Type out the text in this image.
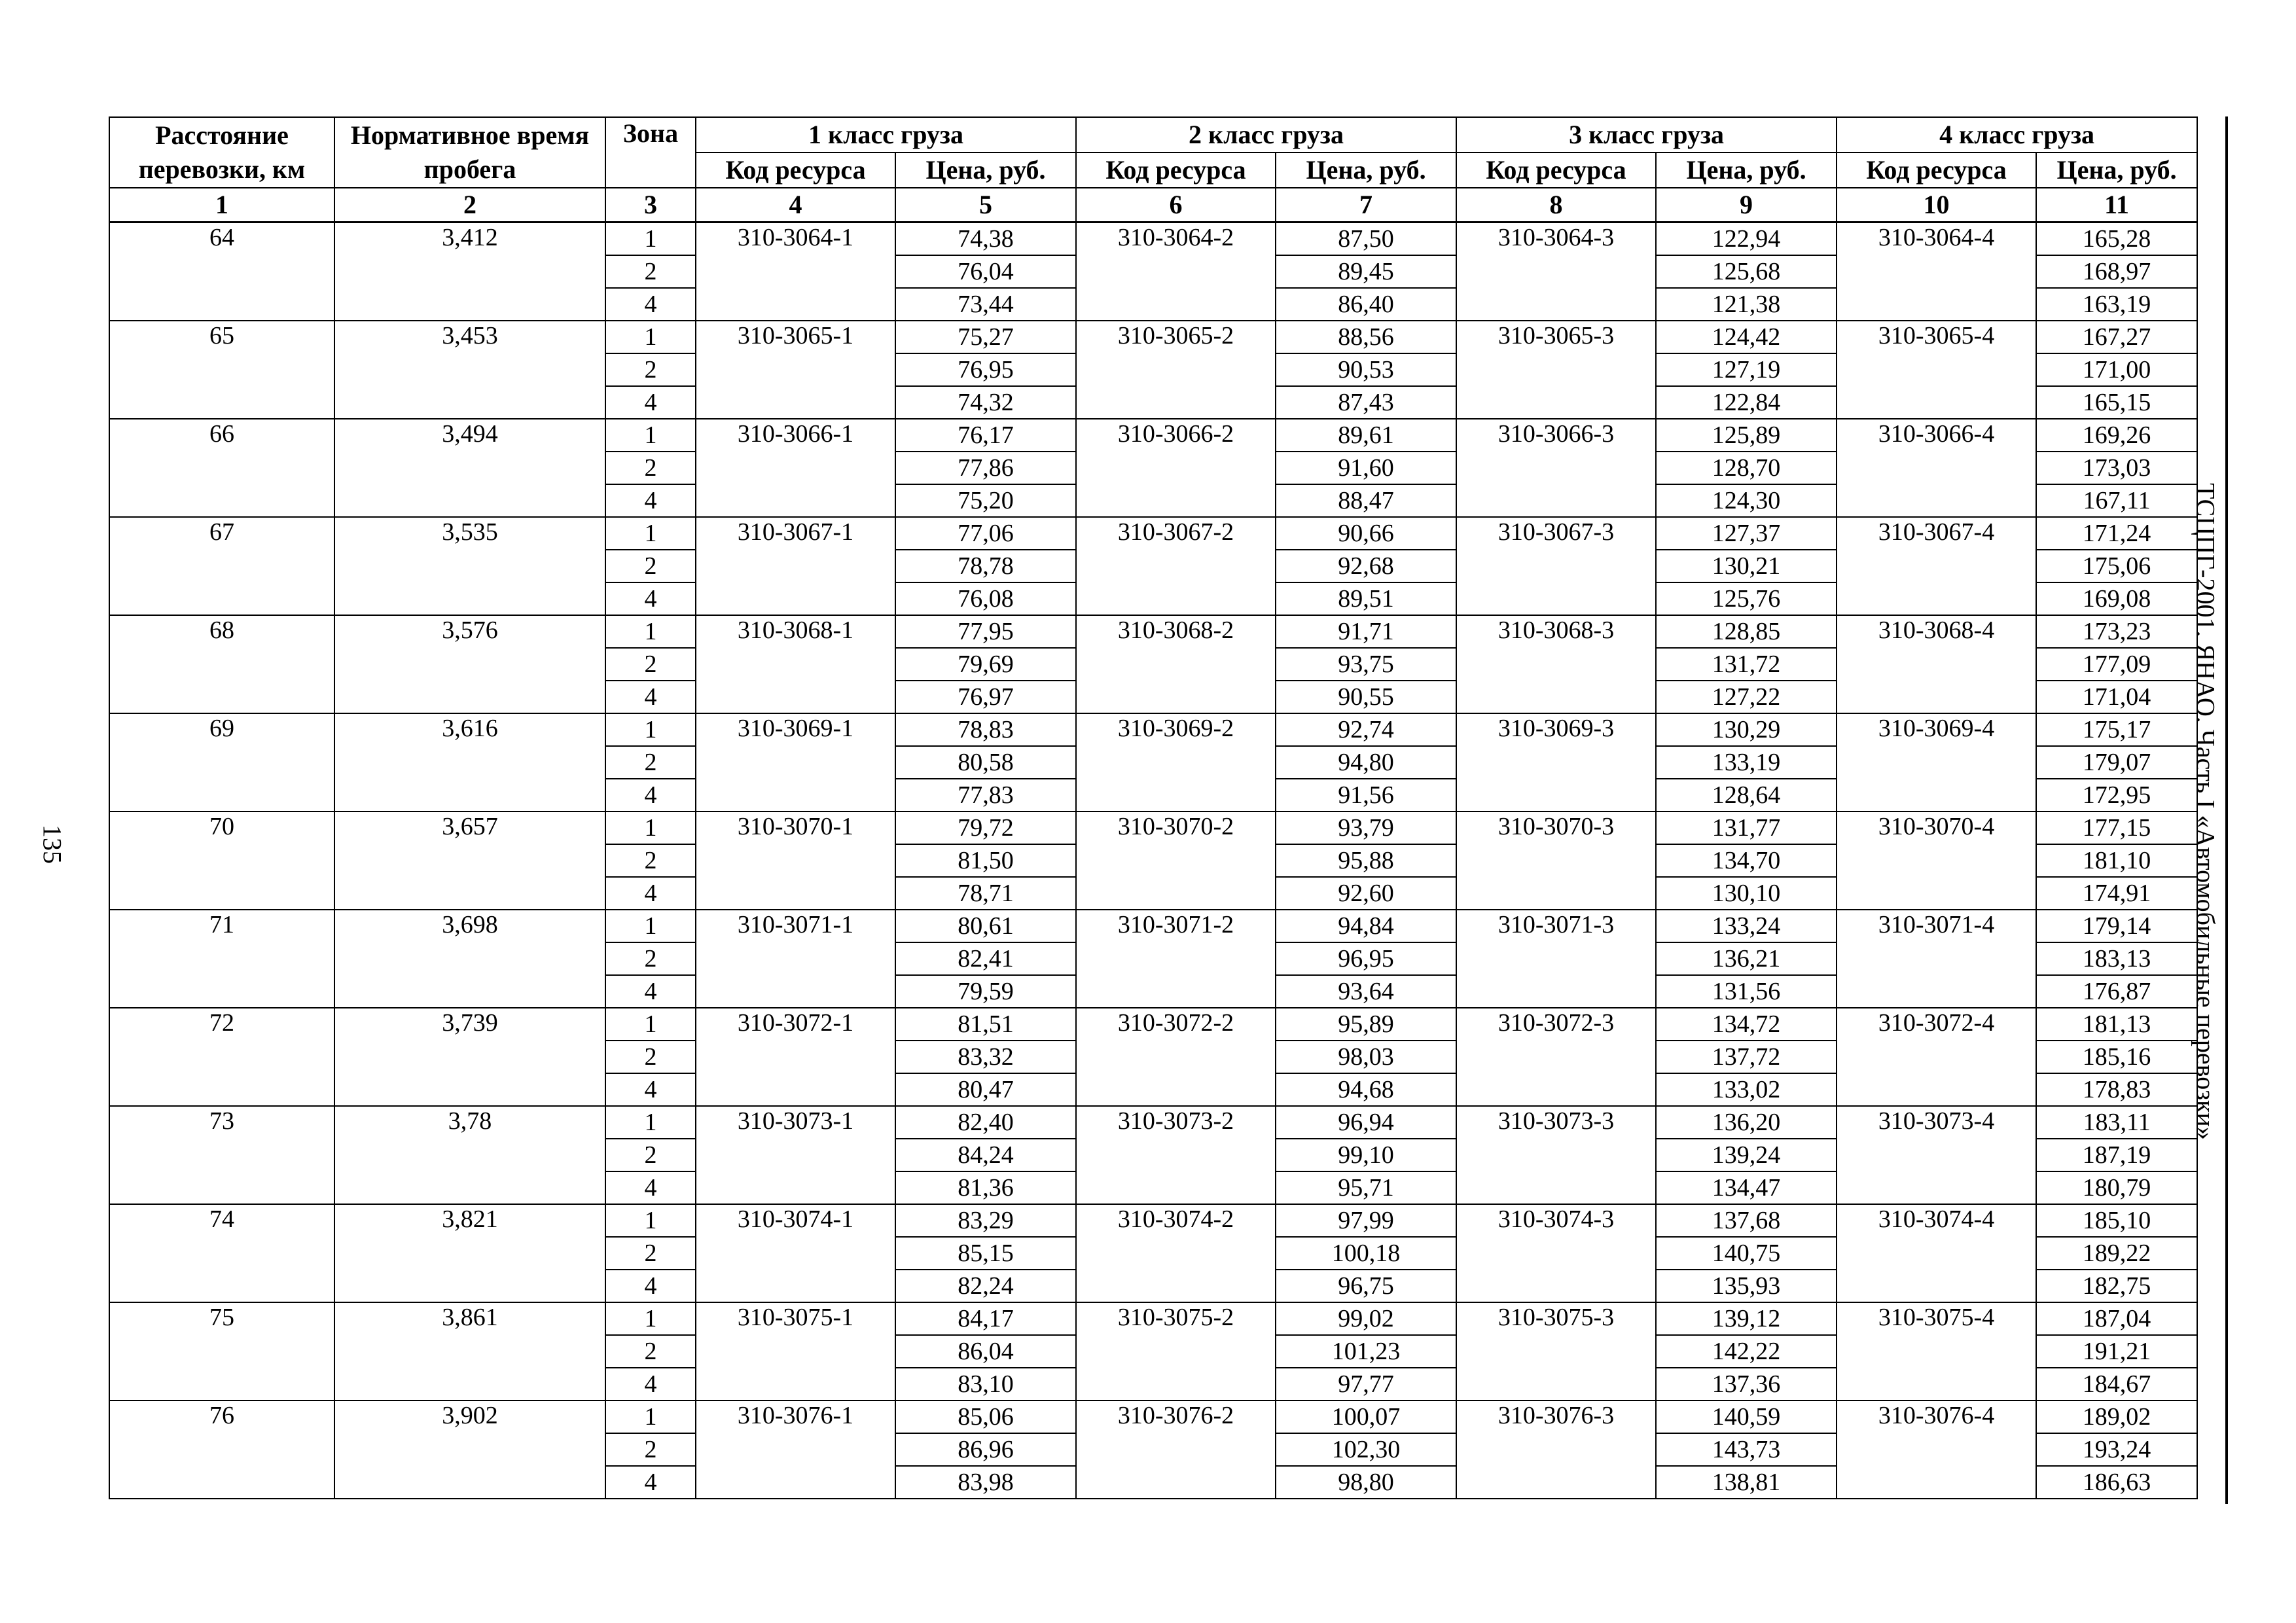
Расстояние перевозки, км	Нормативное время пробега	Зона	1 класс груза		2 класс груза		3 класс груза		4 класс груза	
			Код ресурса	Цена, руб.	Код ресурса	Цена, руб.	Код ресурса	Цена, руб.	Код ресурса	Цена, руб.
1	2	3	4	5	6	7	8	9	10	11
64	3,412	1	310-3064-1	74,38	310-3064-2	87,50	310-3064-3	122,94	310-3064-4	165,28
		2		76,04		89,45		125,68		168,97
		4		73,44		86,40		121,38		163,19
65	3,453	1	310-3065-1	75,27	310-3065-2	88,56	310-3065-3	124,42	310-3065-4	167,27
		2		76,95		90,53		127,19		171,00
		4		74,32		87,43		122,84		165,15
66	3,494	1	310-3066-1	76,17	310-3066-2	89,61	310-3066-3	125,89	310-3066-4	169,26
		2		77,86		91,60		128,70		173,03
		4		75,20		88,47		124,30		167,11
67	3,535	1	310-3067-1	77,06	310-3067-2	90,66	310-3067-3	127,37	310-3067-4	171,24
		2		78,78		92,68		130,21		175,06
		4		76,08		89,51		125,76		169,08
68	3,576	1	310-3068-1	77,95	310-3068-2	91,71	310-3068-3	128,85	310-3068-4	173,23
		2		79,69		93,75		131,72		177,09
		4		76,97		90,55		127,22		171,04
69	3,616	1	310-3069-1	78,83	310-3069-2	92,74	310-3069-3	130,29	310-3069-4	175,17
		2		80,58		94,80		133,19		179,07
		4		77,83		91,56		128,64		172,95
70	3,657	1	310-3070-1	79,72	310-3070-2	93,79	310-3070-3	131,77	310-3070-4	177,15
		2		81,50		95,88		134,70		181,10
		4		78,71		92,60		130,10		174,91
71	3,698	1	310-3071-1	80,61	310-3071-2	94,84	310-3071-3	133,24	310-3071-4	179,14
		2		82,41		96,95		136,21		183,13
		4		79,59		93,64		131,56		176,87
72	3,739	1	310-3072-1	81,51	310-3072-2	95,89	310-3072-3	134,72	310-3072-4	181,13
		2		83,32		98,03		137,72		185,16
		4		80,47		94,68		133,02		178,83
73	3,78	1	310-3073-1	82,40	310-3073-2	96,94	310-3073-3	136,20	310-3073-4	183,11
		2		84,24		99,10		139,24		187,19
		4		81,36		95,71		134,47		180,79
74	3,821	1	310-3074-1	83,29	310-3074-2	97,99	310-3074-3	137,68	310-3074-4	185,10
		2		85,15		100,18		140,75		189,22
		4		82,24		96,75		135,93		182,75
75	3,861	1	310-3075-1	84,17	310-3075-2	99,02	310-3075-3	139,12	310-3075-4	187,04
		2		86,04		101,23		142,22		191,21
		4		83,10		97,77		137,36		184,67
76	3,902	1	310-3076-1	85,06	310-3076-2	100,07	310-3076-3	140,59	310-3076-4	189,02
		2		86,96		102,30		143,73		193,24
		4		83,98		98,80		138,81		186,63
ТСЦПГ-2001. ЯНАО. Часть I «Автомобильные перевозки»
135
